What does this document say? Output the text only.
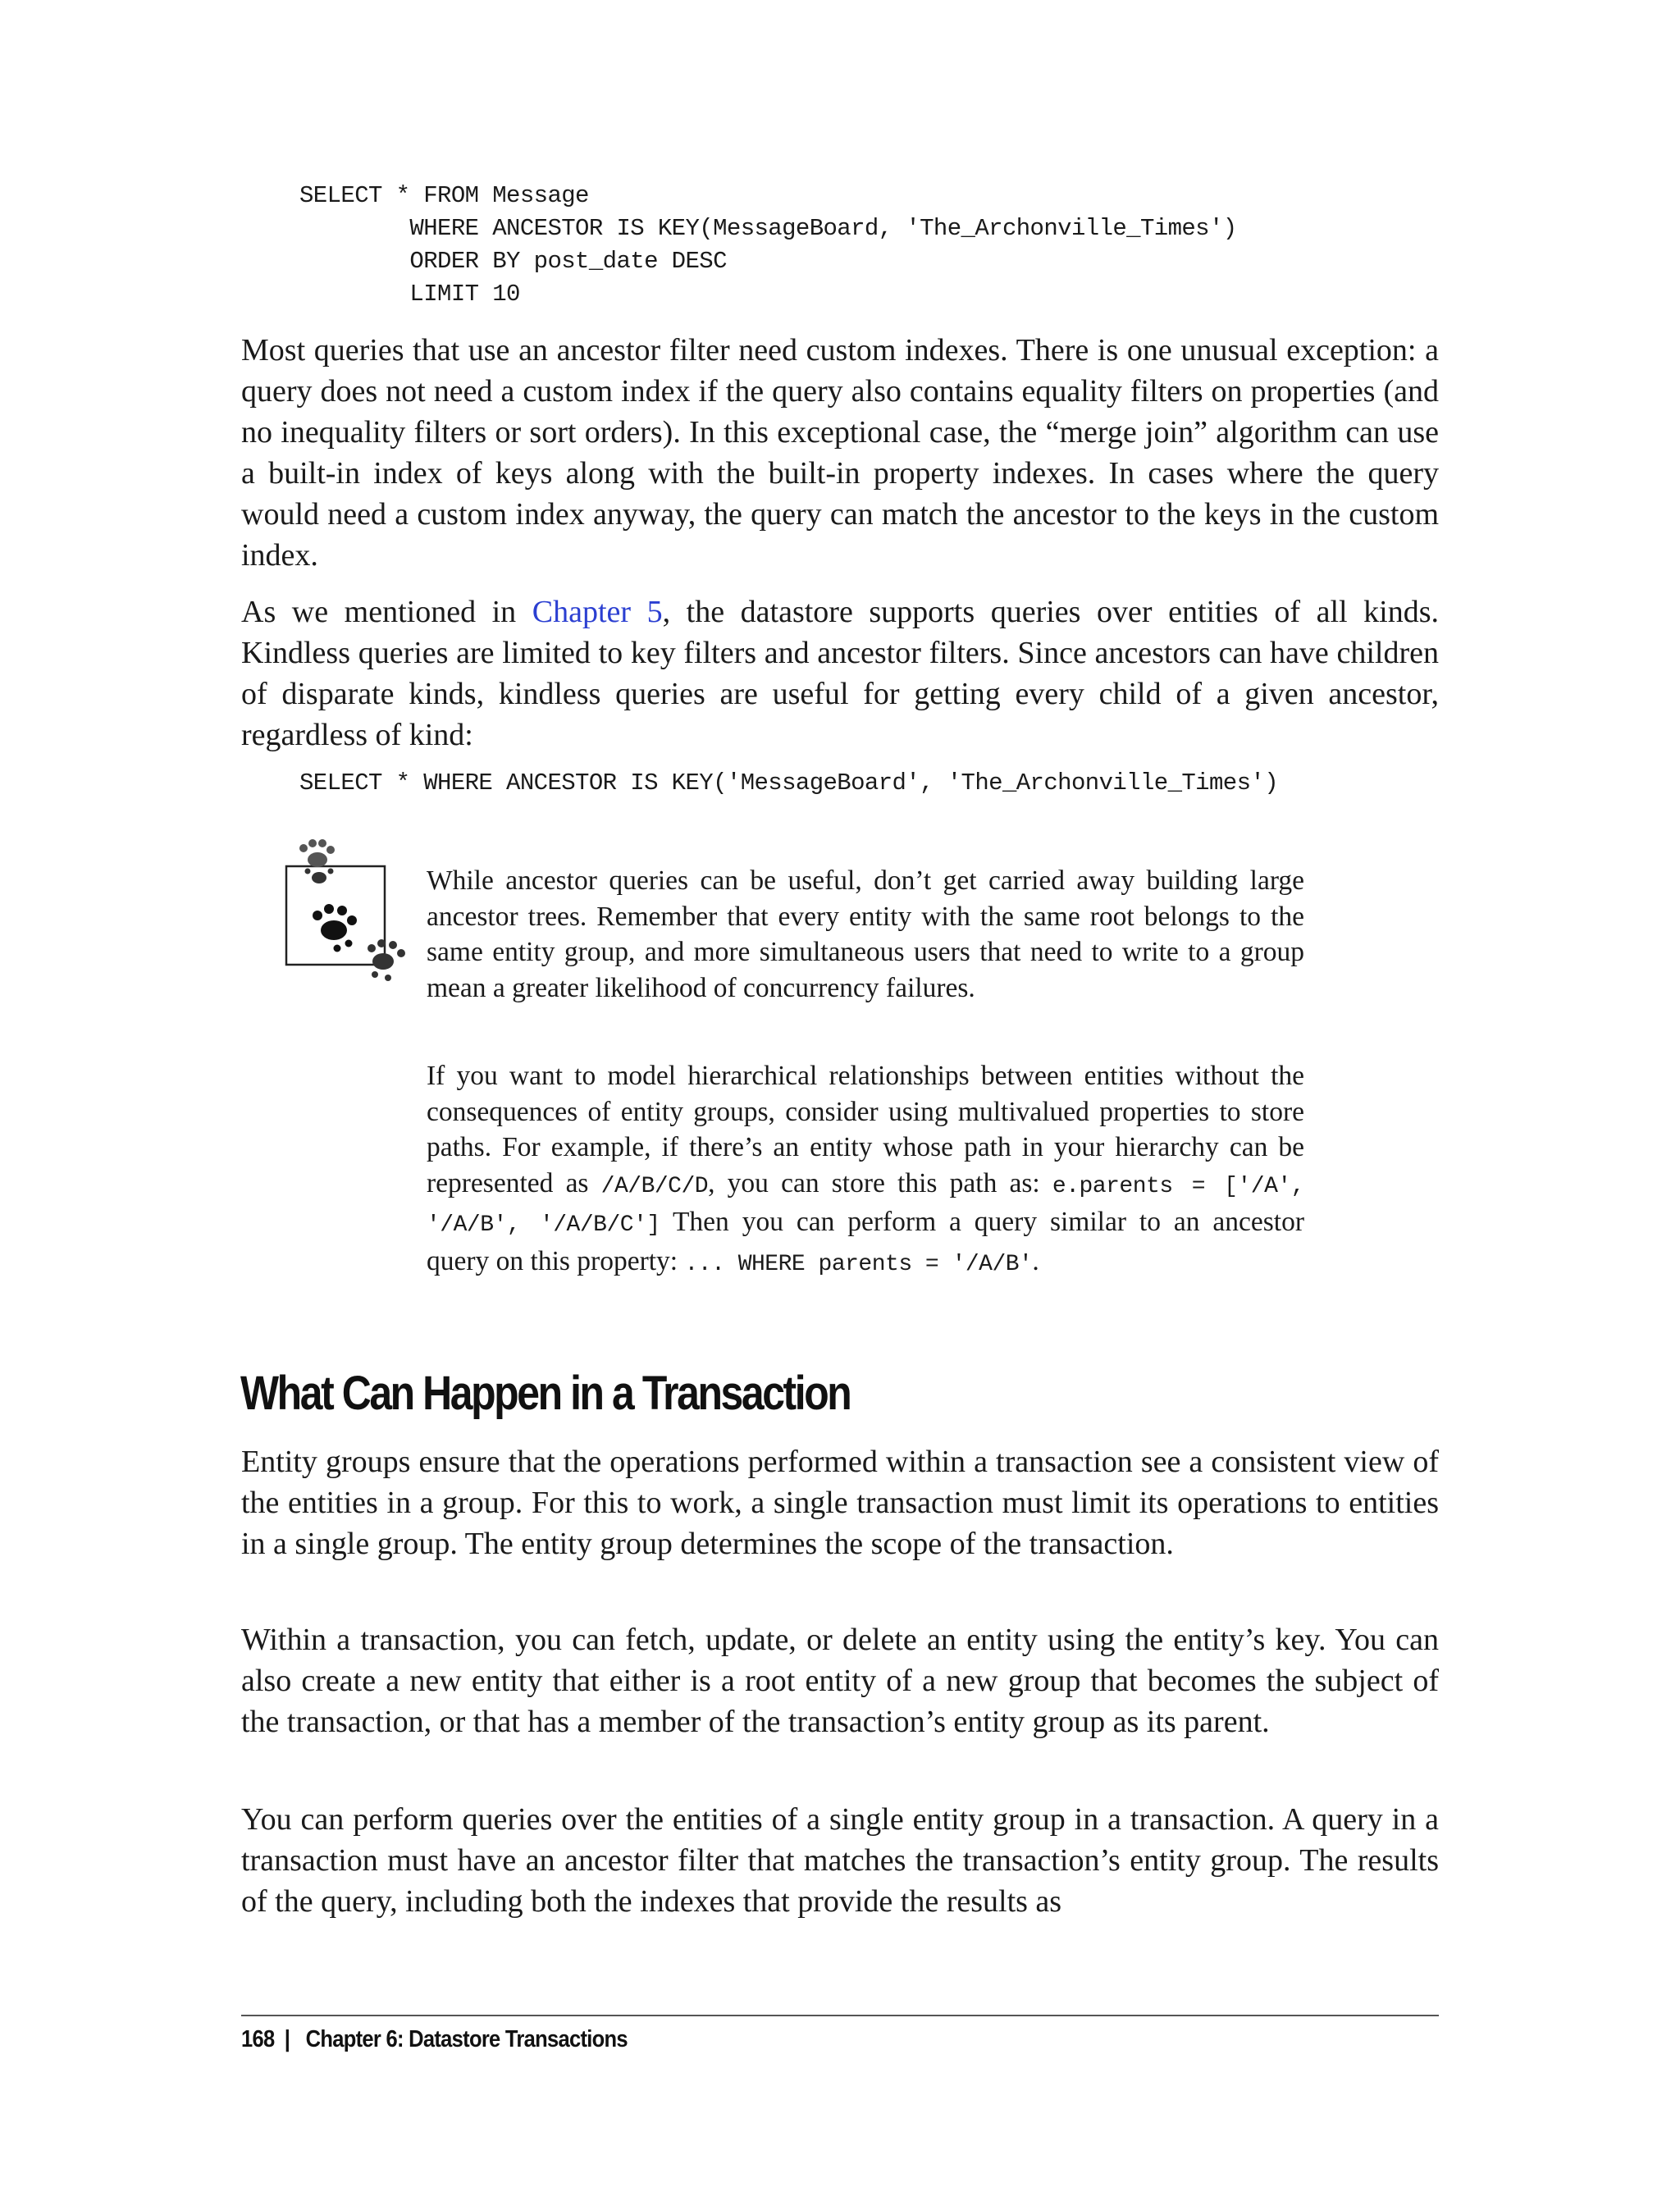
SELECT * FROM Message
WHERE ANCESTOR IS KEY(MessageBoard, 'The_Archonville_Times')
ORDER BY post_date DESC
LIMIT 10

Most queries that use an ancestor filter need custom indexes. There is one unusual exception: a query does not need a custom index if the query also contains equality filters on properties (and no inequality filters or sort orders). In this exceptional case, the “merge join” algorithm can use a built-in index of keys along with the built-in property indexes. In cases where the query would need a custom index anyway, the query can match the ancestor to the keys in the custom index.

As we mentioned in Chapter 5, the datastore supports queries over entities of all kinds. Kindless queries are limited to key filters and ancestor filters. Since ancestors can have children of disparate kinds, kindless queries are useful for getting every child of a given ancestor, regardless of kind:

SELECT * WHERE ANCESTOR IS KEY('MessageBoard', 'The_Archonville_Times')

While ancestor queries can be useful, don’t get carried away building large ancestor trees. Remember that every entity with the same root belongs to the same entity group, and more simultaneous users that need to write to a group mean a greater likelihood of concurrency failures.

If you want to model hierarchical relationships between entities without the consequences of entity groups, consider using multivalued properties to store paths. For example, if there’s an entity whose path in your hierarchy can be represented as /A/B/C/D, you can store this path as: e.parents = ['/A', '/A/B', '/A/B/C'] Then you can perform a query similar to an ancestor query on this property: ... WHERE parents = '/A/B'.

What Can Happen in a Transaction

Entity groups ensure that the operations performed within a transaction see a consistent view of the entities in a group. For this to work, a single transaction must limit its operations to entities in a single group. The entity group determines the scope of the transaction.

Within a transaction, you can fetch, update, or delete an entity using the entity’s key. You can also create a new entity that either is a root entity of a new group that becomes the subject of the transaction, or that has a member of the transaction’s entity group as its parent.

You can perform queries over the entities of a single entity group in a transaction. A query in a transaction must have an ancestor filter that matches the transaction’s entity group. The results of the query, including both the indexes that provide the results as

168 | Chapter 6: Datastore Transactions
